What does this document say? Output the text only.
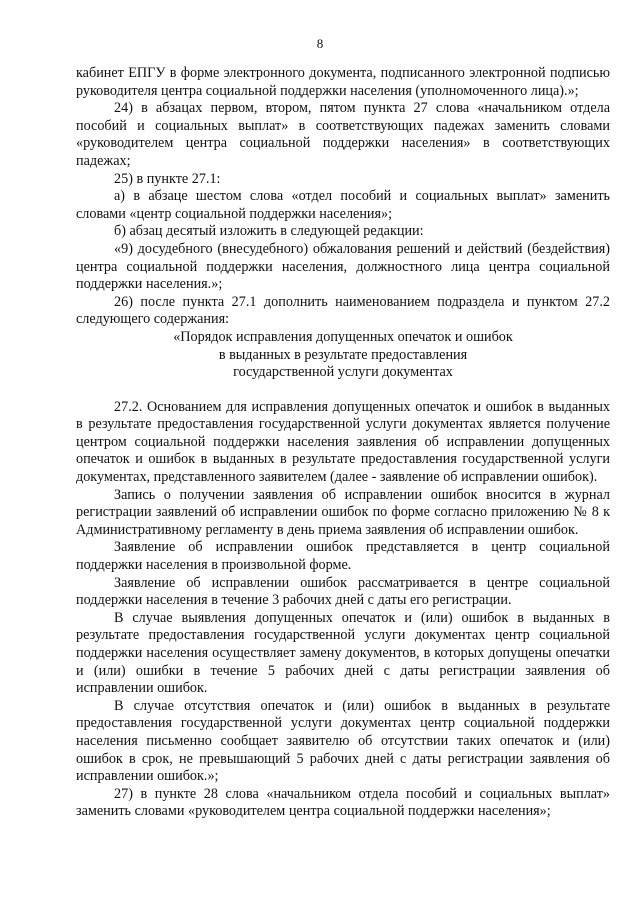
8

кабинет ЕПГУ в форме электронного документа, подписанного электронной подписью руководителя центра социальной поддержки населения (уполномоченного лица).»;

24) в абзацах первом, втором, пятом пункта 27 слова «начальником отдела пособий и социальных выплат» в соответствующих падежах заменить словами «руководителем центра социальной поддержки населения» в соответствующих падежах;

25) в пункте 27.1:

а) в абзаце шестом слова «отдел пособий и социальных выплат» заменить словами «центр социальной поддержки населения»;

б) абзац десятый изложить в следующей редакции:

«9) досудебного (внесудебного) обжалования решений и действий (бездействия) центра социальной поддержки населения, должностного лица центра социальной поддержки населения.»;

26) после пункта 27.1 дополнить наименованием подраздела и пунктом 27.2 следующего содержания:

«Порядок исправления допущенных опечаток и ошибок

в выданных в результате предоставления

государственной услуги документах

27.2. Основанием для исправления допущенных опечаток и ошибок в выданных в результате предоставления государственной услуги документах является получение центром социальной поддержки населения заявления об исправлении допущенных опечаток и ошибок в выданных в результате предоставления государственной услуги документах, представленного заявителем (далее - заявление об исправлении ошибок).

Запись о получении заявления об исправлении ошибок вносится в журнал регистрации заявлений об исправлении ошибок по форме согласно приложению № 8 к Административному регламенту в день приема заявления об исправлении ошибок.

Заявление об исправлении ошибок представляется в центр социальной поддержки населения в произвольной форме.

Заявление об исправлении ошибок рассматривается в центре социальной поддержки населения в течение 3 рабочих дней с даты его регистрации.

В случае выявления допущенных опечаток и (или) ошибок в выданных в результате предоставления государственной услуги документах центр социальной поддержки населения осуществляет замену документов, в которых допущены опечатки и (или) ошибки в течение 5 рабочих дней с даты регистрации заявления об исправлении ошибок.

В случае отсутствия опечаток и (или) ошибок в выданных в результате предоставления государственной услуги документах центр социальной поддержки населения письменно сообщает заявителю об отсутствии таких опечаток и (или) ошибок в срок, не превышающий 5 рабочих дней с даты регистрации заявления об исправлении ошибок.»;

27) в пункте 28 слова «начальником отдела пособий и социальных выплат» заменить словами «руководителем центра социальной поддержки населения»;
